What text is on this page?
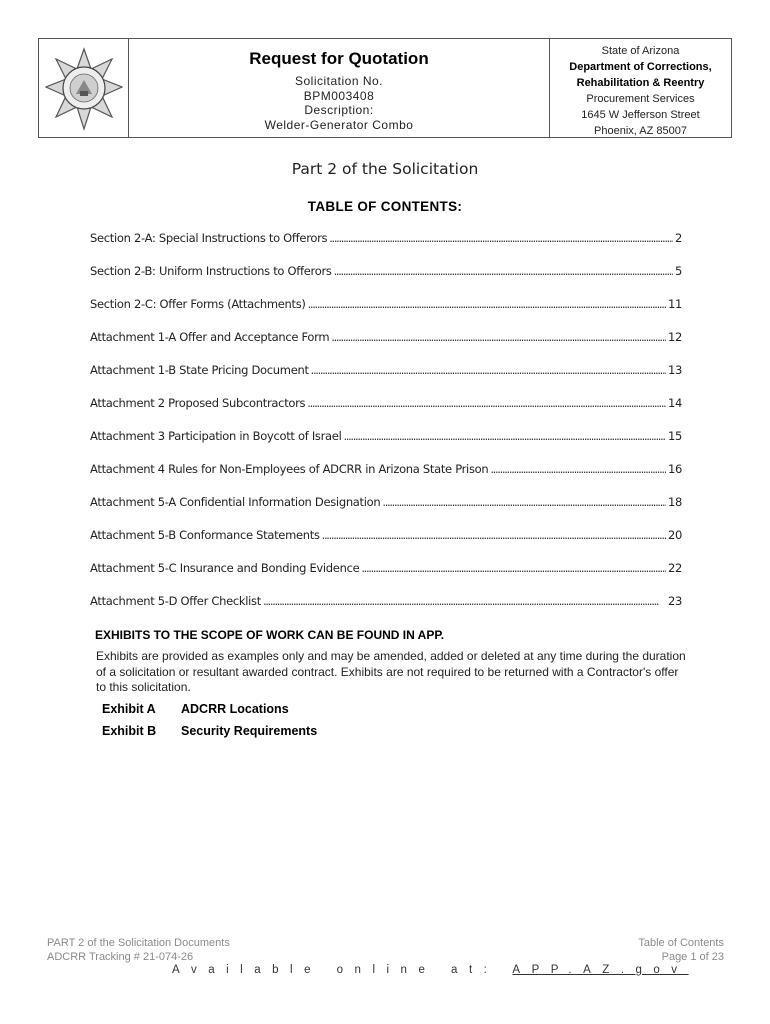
Request for Quotation
Solicitation No.
BPM003408
Description:
Welder-Generator Combo
State of Arizona
Department of Corrections,
Rehabilitation & Reentry
Procurement Services
1645 W Jefferson Street
Phoenix, AZ 85007
Part 2 of the Solicitation
TABLE OF CONTENTS:
Section 2-A: Special Instructions to Offerors . . .	2
Section 2-B: Uniform Instructions to Offerors . . .	5
Section 2-C: Offer Forms (Attachments) . . .	11
Attachment 1-A Offer and Acceptance Form . . .	12
Attachment 1-B State Pricing Document . . .	13
Attachment 2 Proposed Subcontractors . . .	14
Attachment 3 Participation in Boycott of Israel . . .	15
Attachment 4 Rules for Non-Employees of ADCRR in Arizona State Prison . . .	16
Attachment 5-A Confidential Information Designation . . .	18
Attachment 5-B Conformance Statements . . .	20
Attachment 5-C Insurance and Bonding Evidence . . .	22
Attachment 5-D Offer Checklist . . .	23
EXHIBITS TO THE SCOPE OF WORK CAN BE FOUND IN APP.
Exhibits are provided as examples only and may be amended, added or deleted at any time during the duration of a solicitation or resultant awarded contract. Exhibits are not required to be returned with a Contractor's offer to this solicitation.
Exhibit A	ADCRR Locations
Exhibit B	Security Requirements
PART 2 of the Solicitation Documents
ADCRR Tracking # 21-074-26
Table of Contents
Page 1 of 23
Available online at: APP.AZ.gov
